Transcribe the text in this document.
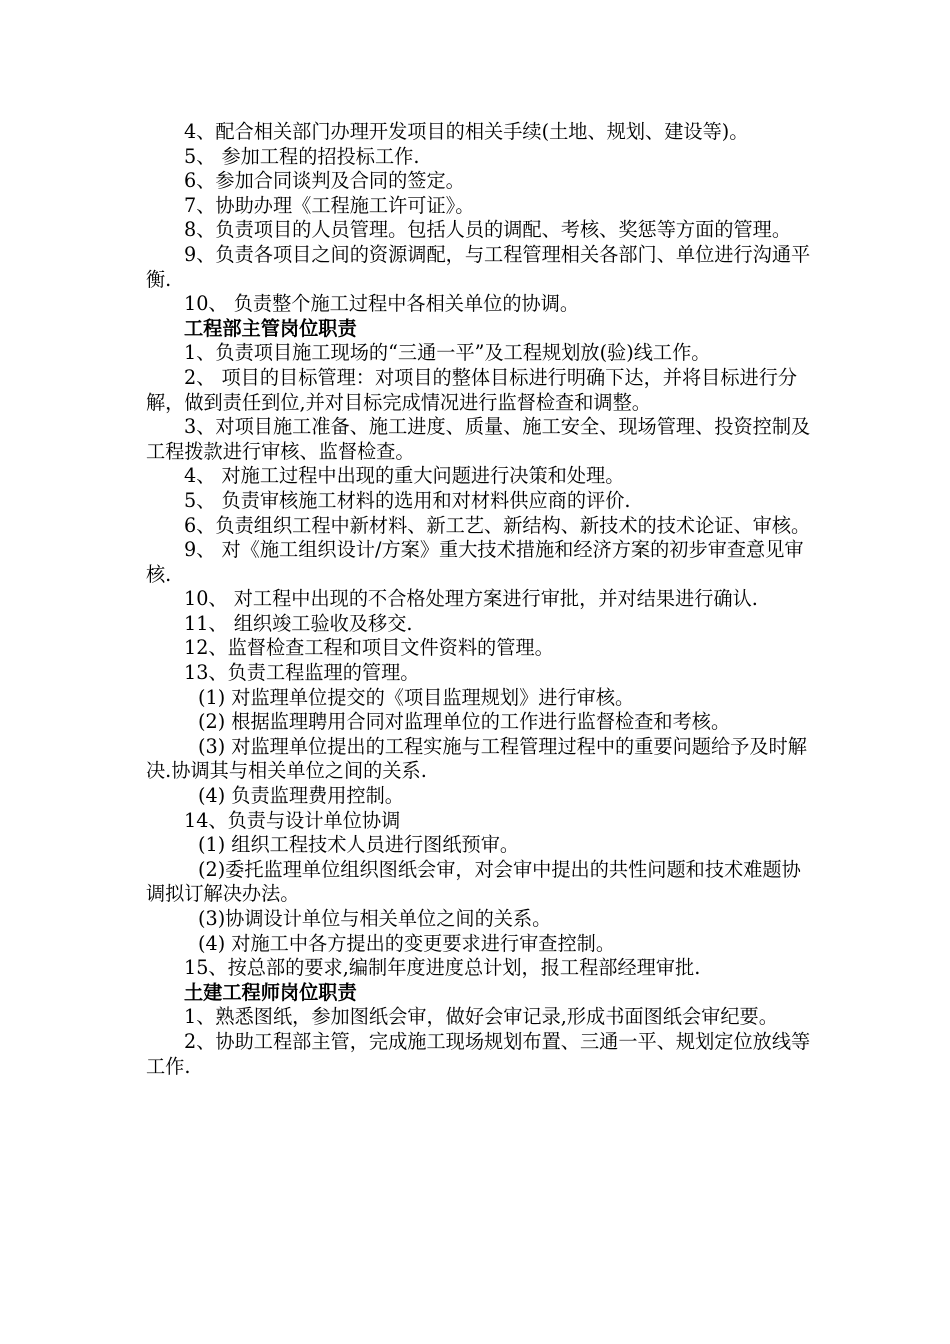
4、配合相关部门办理开发项目的相关手续(土地、规划、建设等)。

5、 参加工程的招投标工作.

6、参加合同谈判及合同的签定。

7、协助办理《工程施工许可证》。

8、负责项目的人员管理。包括人员的调配、考核、奖惩等方面的管理。

9、负责各项目之间的资源调配，与工程管理相关各部门、单位进行沟通平衡.

10、 负责整个施工过程中各相关单位的协调。

工程部主管岗位职责

1、负责项目施工现场的“三通一平”及工程规划放(验)线工作。

2、 项目的目标管理：对项目的整体目标进行明确下达，并将目标进行分解，做到责任到位,并对目标完成情况进行监督检查和调整。

3、对项目施工准备、施工进度、质量、施工安全、现场管理、投资控制及工程拨款进行审核、监督检查。

4、 对施工过程中出现的重大问题进行决策和处理。

5、 负责审核施工材料的选用和对材料供应商的评价.

6、负责组织工程中新材料、新工艺、新结构、新技术的技术论证、审核。

9、 对《施工组织设计/方案》重大技术措施和经济方案的初步审查意见审核.

10、 对工程中出现的不合格处理方案进行审批，并对结果进行确认.

11、 组织竣工验收及移交.

12、监督检查工程和项目文件资料的管理。

13、负责工程监理的管理。

(1) 对监理单位提交的《项目监理规划》进行审核。

(2) 根据监理聘用合同对监理单位的工作进行监督检查和考核。

(3) 对监理单位提出的工程实施与工程管理过程中的重要问题给予及时解决.协调其与相关单位之间的关系.

(4) 负责监理费用控制。

14、负责与设计单位协调

(1) 组织工程技术人员进行图纸预审。

(2)委托监理单位组织图纸会审，对会审中提出的共性问题和技术难题协调拟订解决办法。

(3)协调设计单位与相关单位之间的关系。

(4) 对施工中各方提出的变更要求进行审查控制。

15、按总部的要求,编制年度进度总计划，报工程部经理审批.

土建工程师岗位职责

1、熟悉图纸，参加图纸会审，做好会审记录,形成书面图纸会审纪要。

2、协助工程部主管，完成施工现场规划布置、三通一平、规划定位放线等工作.
